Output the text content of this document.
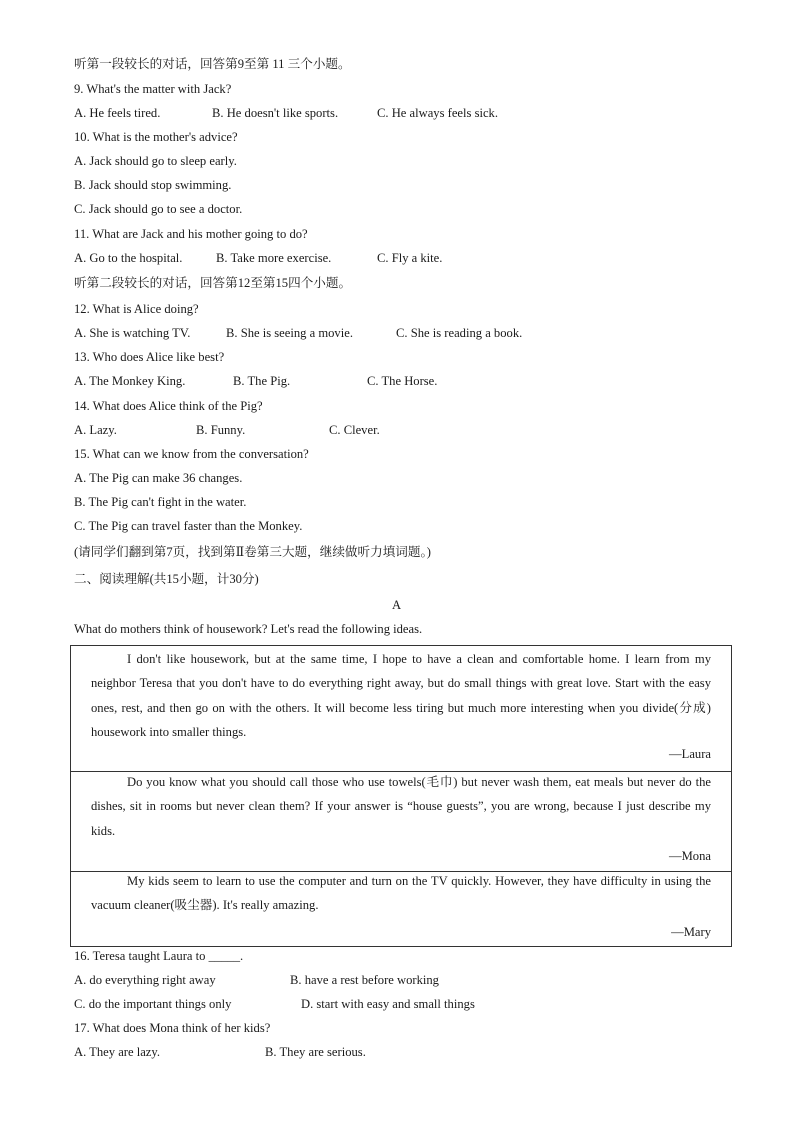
听第一段较长的对话，回答第9至第 11 三个小题。
9. What's the matter with Jack?
A. He feels tired.	B. He doesn't like sports.	C. He always feels sick.
10. What is the mother's advice?
A. Jack should go to sleep early.
B. Jack should stop swimming.
C. Jack should go to see a doctor.
11. What are Jack and his mother going to do?
A. Go to the hospital.	B. Take more exercise.	C. Fly a kite.
听第二段较长的对话，回答第12至第15四个小题。
12. What is Alice doing?
A. She is watching TV.	B. She is seeing a movie.	C. She is reading a book.
13. Who does Alice like best?
A. The Monkey King.	B. The Pig.	C. The Horse.
14. What does Alice think of the Pig?
A. Lazy.	B. Funny.	C. Clever.
15. What can we know from the conversation?
A. The Pig can make 36 changes.
B. The Pig can't fight in the water.
C. The Pig can travel faster than the Monkey.
(请同学们翻到第7页，找到第Ⅱ卷第三大题，继续做听力填词题。)
二、阅读理解(共15小题，计30分)
A
What do mothers think of housework? Let's read the following ideas.

I don't like housework, but at the same time, I hope to have a clean and comfortable home. I learn from my neighbor Teresa that you don't have to do everything right away, but do small things with great love. Start with the easy ones, rest, and then go on with the others. It will become less tiring but much more interesting when you divide(分成) housework into smaller things.

—Laura

Do you know what you should call those who use towels(毛巾) but never wash them, eat meals but never do the dishes, sit in rooms but never clean them? If your answer is “house guests”, you are wrong, because I just describe my kids.

—Mona

My kids seem to learn to use the computer and turn on the TV quickly. However, they have difficulty in using the vacuum cleaner(吸尘器). It's really amazing.

—Mary
16. Teresa taught Laura to _____.
A. do everything right away	B. have a rest before working
C. do the important things only	D. start with easy and small things
17. What does Mona think of her kids?
A. They are lazy.	B. They are serious.
